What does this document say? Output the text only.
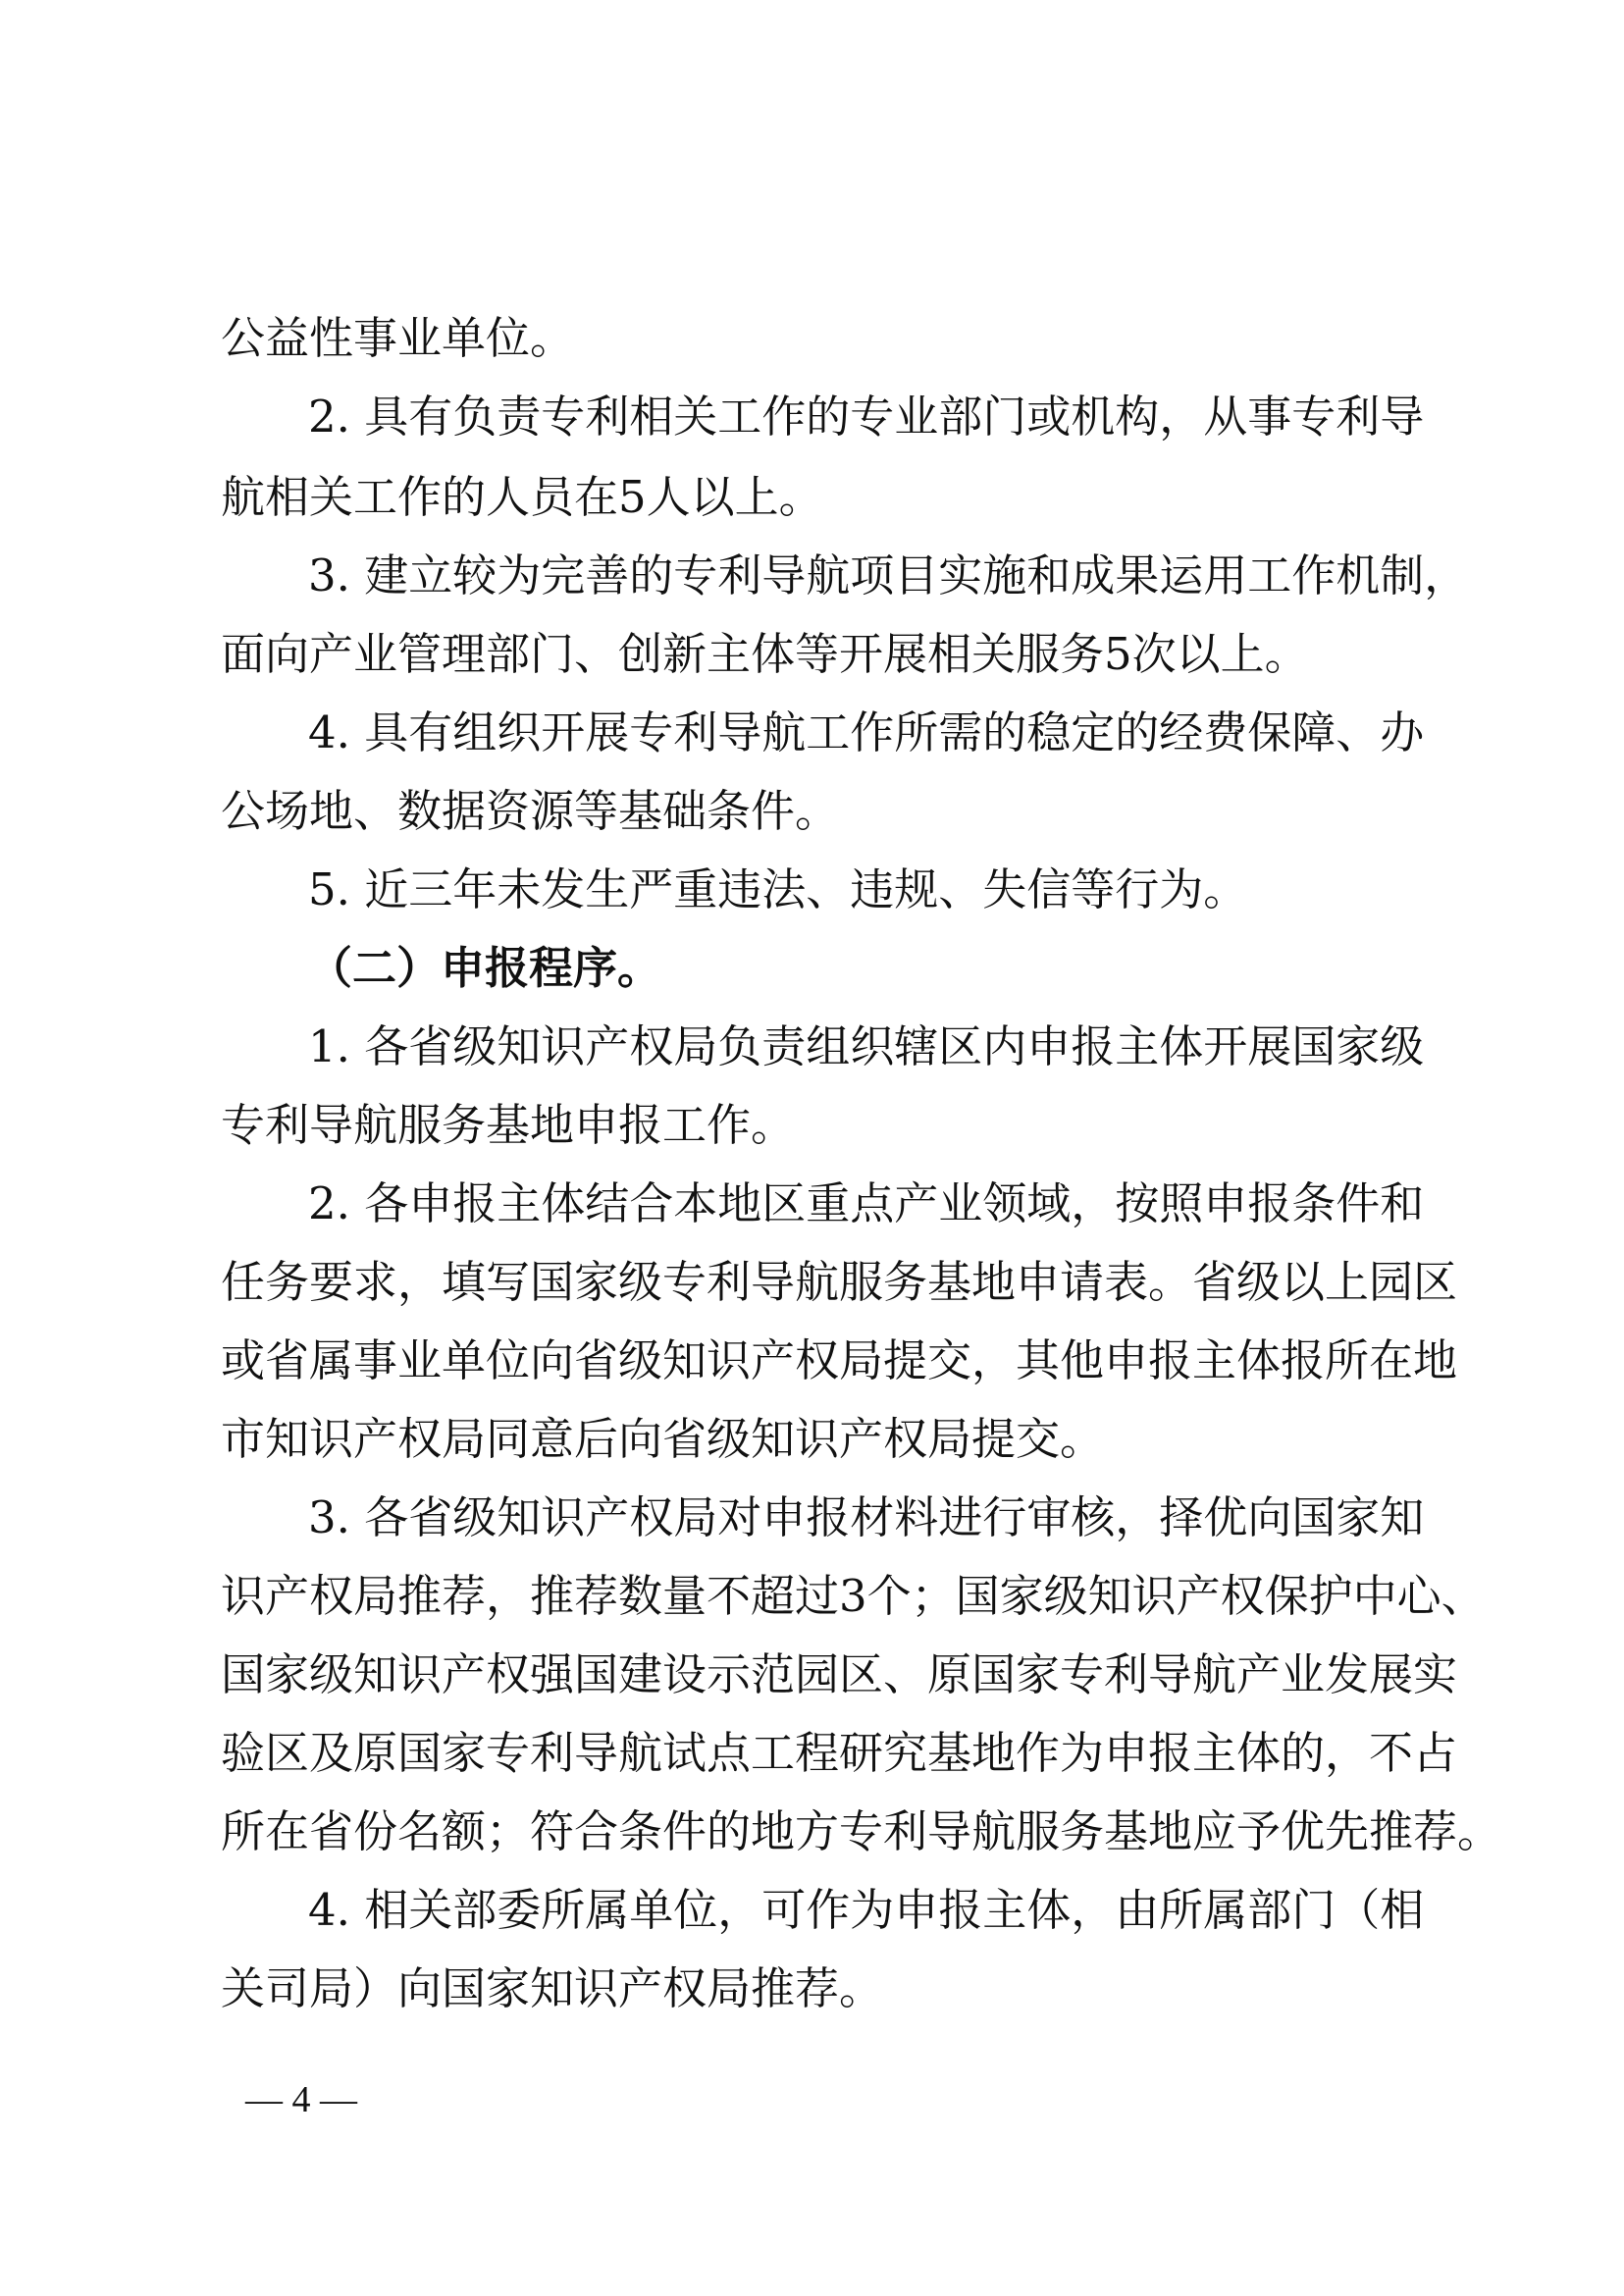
公益性事业单位。
2. 具有负责专利相关工作的专业部门或机构，从事专利导
航相关工作的人员在5人以上。
3. 建立较为完善的专利导航项目实施和成果运用工作机制，
面向产业管理部门、创新主体等开展相关服务5次以上。
4. 具有组织开展专利导航工作所需的稳定的经费保障、办
公场地、数据资源等基础条件。
5. 近三年未发生严重违法、违规、失信等行为。
（二）申报程序。
1. 各省级知识产权局负责组织辖区内申报主体开展国家级
专利导航服务基地申报工作。
2. 各申报主体结合本地区重点产业领域，按照申报条件和
任务要求，填写国家级专利导航服务基地申请表。省级以上园区
或省属事业单位向省级知识产权局提交，其他申报主体报所在地
市知识产权局同意后向省级知识产权局提交。
3. 各省级知识产权局对申报材料进行审核，择优向国家知
识产权局推荐，推荐数量不超过3个；国家级知识产权保护中心、
国家级知识产权强国建设示范园区、原国家专利导航产业发展实
验区及原国家专利导航试点工程研究基地作为申报主体的，不占
所在省份名额；符合条件的地方专利导航服务基地应予优先推荐。
4. 相关部委所属单位，可作为申报主体，由所属部门（相
关司局）向国家知识产权局推荐。
— 4 —
